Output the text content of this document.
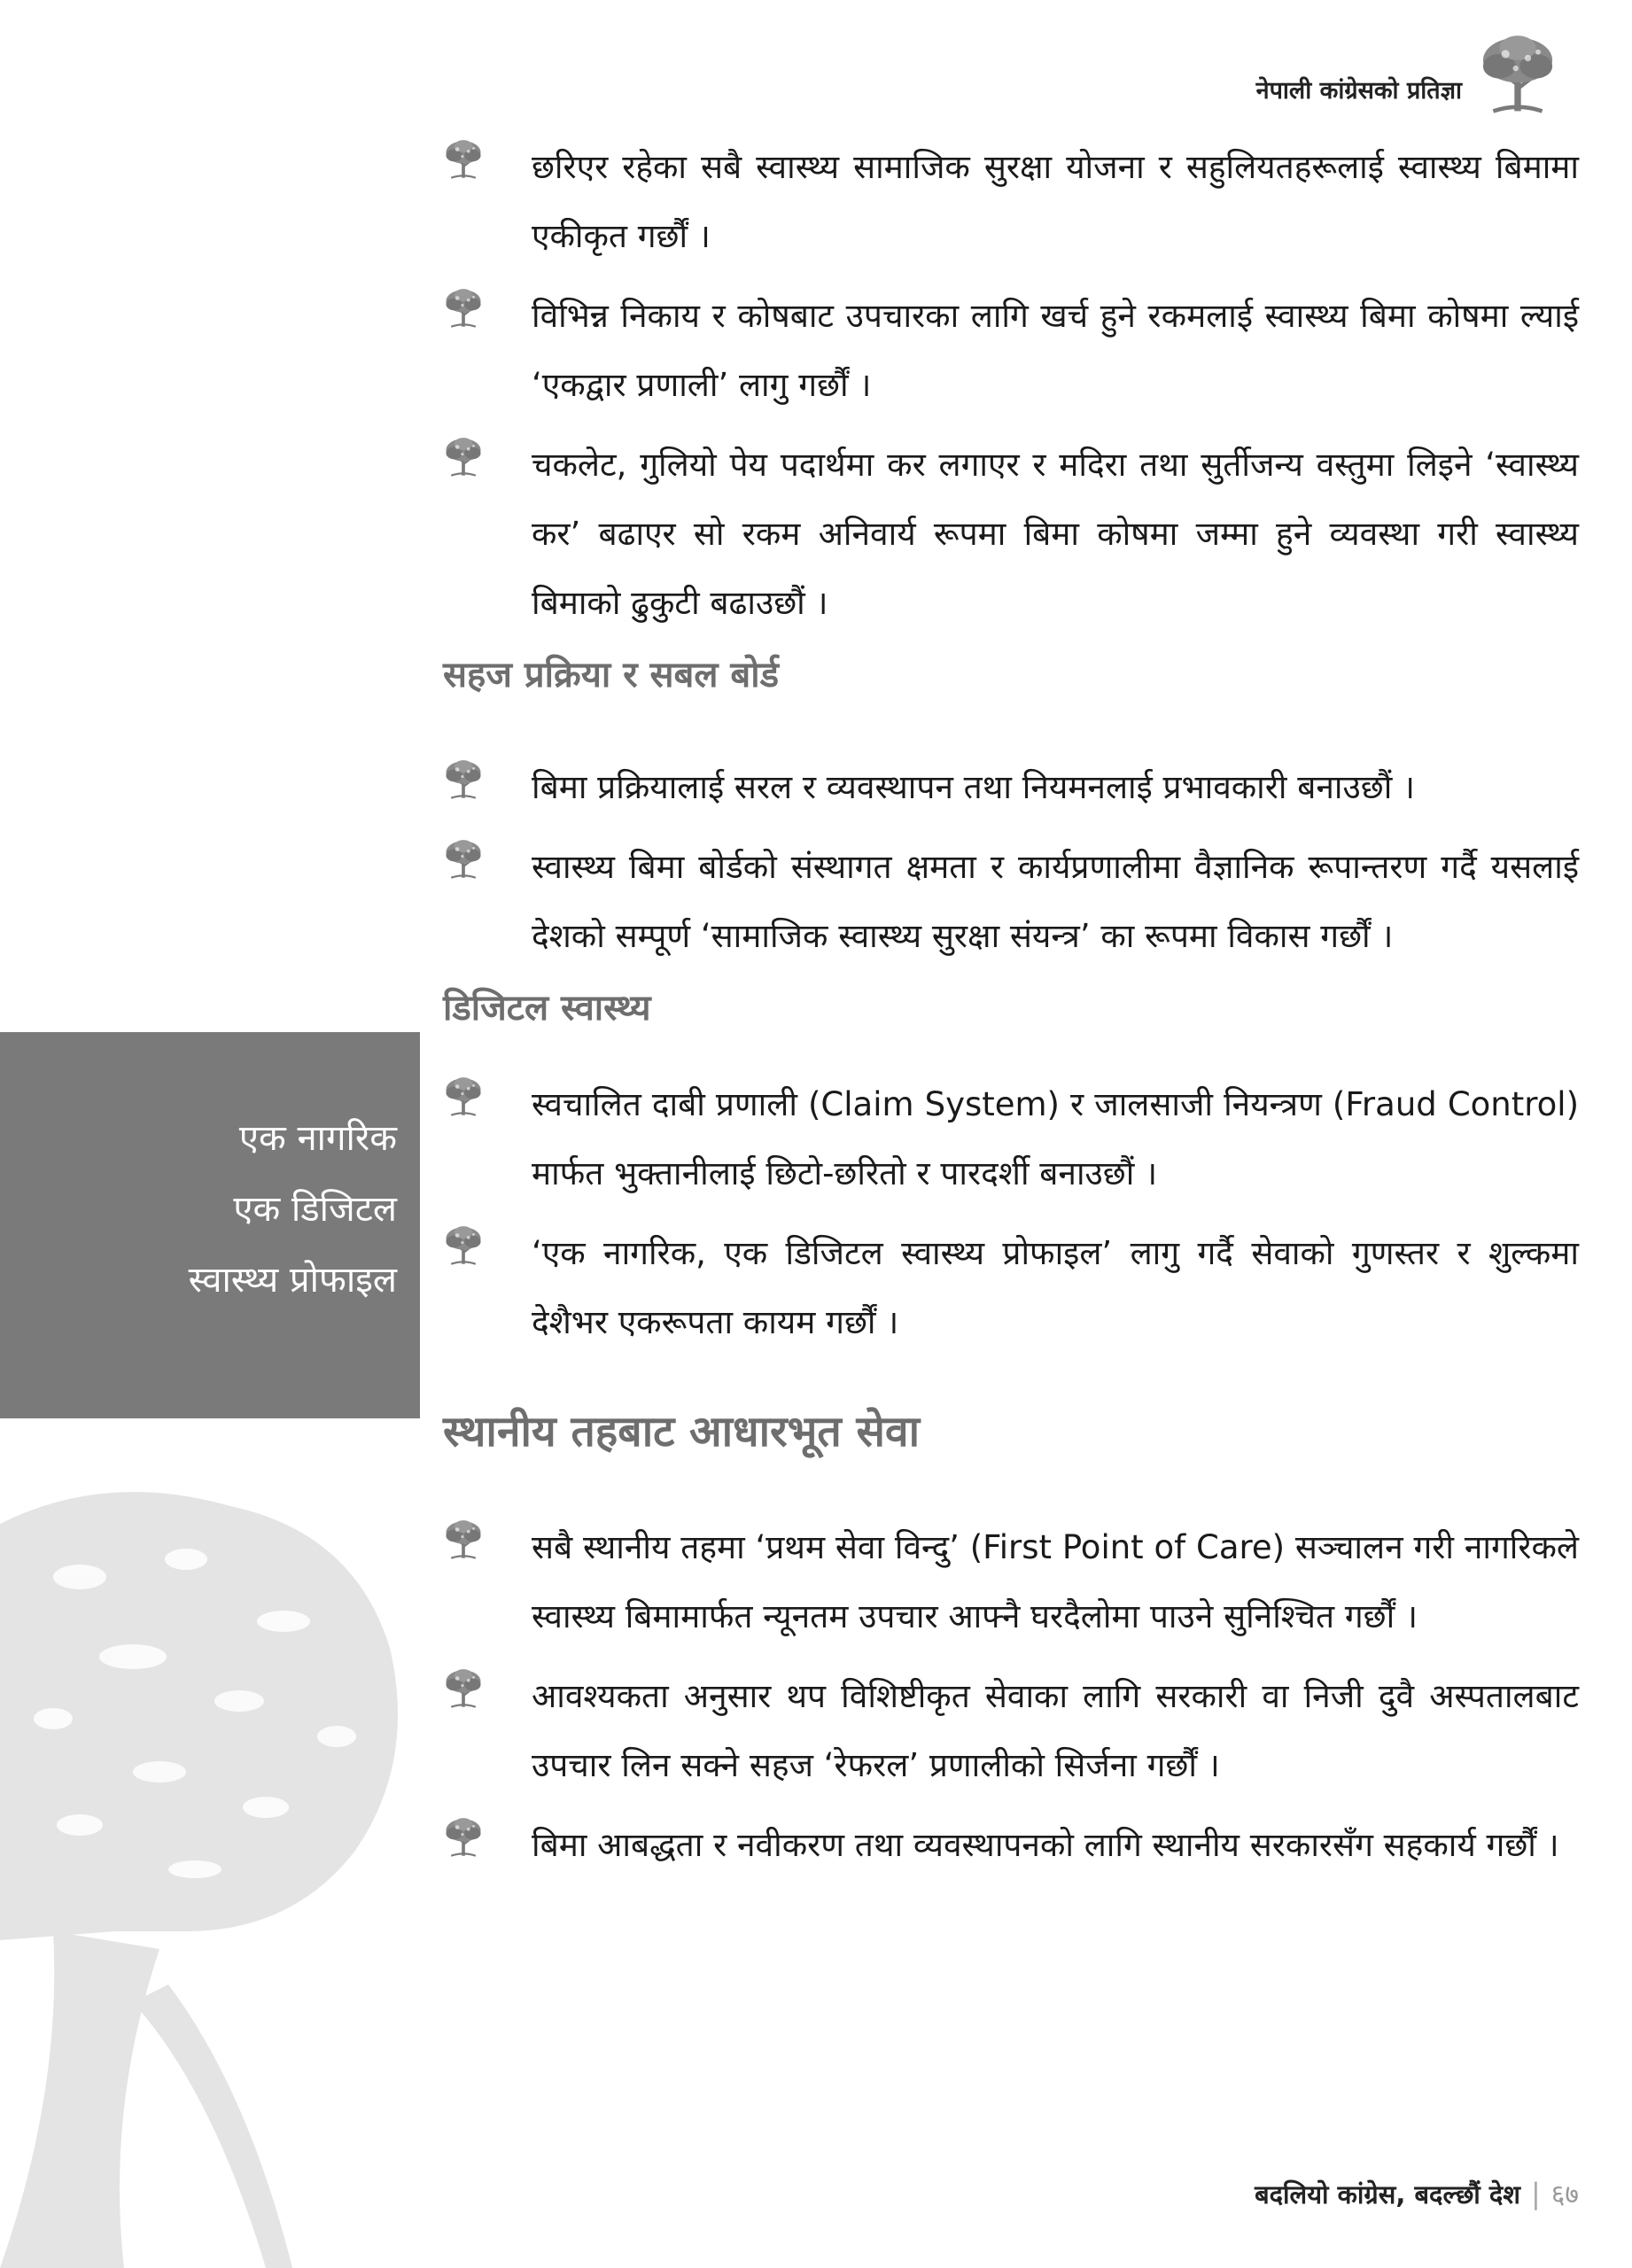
नेपाली कांग्रेसको प्रतिज्ञा
एक नागरिक
एक डिजिटल
स्वास्थ्य प्रोफाइल
छरिएर रहेका सबै स्वास्थ्य सामाजिक सुरक्षा योजना र सहुलियतहरूलाई स्वास्थ्य बिमामा एकीकृत गर्छौं ।
विभिन्न निकाय र कोषबाट उपचारका लागि खर्च हुने रकमलाई स्वास्थ्य बिमा कोषमा ल्याई ‘एकद्वार प्रणाली’ लागु गर्छौं ।
चकलेट, गुलियो पेय पदार्थमा कर लगाएर र मदिरा तथा सुर्तीजन्य वस्तुमा लिइने ‘स्वास्थ्य कर’ बढाएर सो रकम अनिवार्य रूपमा बिमा कोषमा जम्मा हुने व्यवस्था गरी स्वास्थ्य बिमाको ढुकुटी बढाउछौं ।
सहज प्रक्रिया र सबल बोर्ड
बिमा प्रक्रियालाई सरल र व्यवस्थापन तथा नियमनलाई प्रभावकारी बनाउछौं ।
स्वास्थ्य बिमा बोर्डको संस्थागत क्षमता र कार्यप्रणालीमा वैज्ञानिक रूपान्तरण गर्दै यसलाई देशको सम्पूर्ण ‘सामाजिक स्वास्थ्य सुरक्षा संयन्त्र’ का रूपमा विकास गर्छौं ।
डिजिटल स्वास्थ्य
स्वचालित दाबी प्रणाली (Claim System) र जालसाजी नियन्त्रण (Fraud Control) मार्फत भुक्तानीलाई छिटो-छरितो र पारदर्शी बनाउछौं ।
‘एक नागरिक, एक डिजिटल स्वास्थ्य प्रोफाइल’ लागु गर्दै सेवाको गुणस्तर र शुल्कमा देशैभर एकरूपता कायम गर्छौं ।
स्थानीय तहबाट आधारभूत सेवा
सबै स्थानीय तहमा ‘प्रथम सेवा विन्दु’ (First Point of Care) सञ्चालन गरी नागरिकले स्वास्थ्य बिमामार्फत न्यूनतम उपचार आफ्नै घरदैलोमा पाउने सुनिश्चित गर्छौं ।
आवश्यकता अनुसार थप विशिष्टीकृत सेवाका लागि सरकारी वा निजी दुवै अस्पतालबाट उपचार लिन सक्ने सहज ‘रेफरल’ प्रणालीको सिर्जना गर्छौं ।
बिमा आबद्धता र नवीकरण तथा व्यवस्थापनको लागि स्थानीय सरकारसँग सहकार्य गर्छौं ।
बदलियो कांग्रेस, बदल्छौं देश | ६७
